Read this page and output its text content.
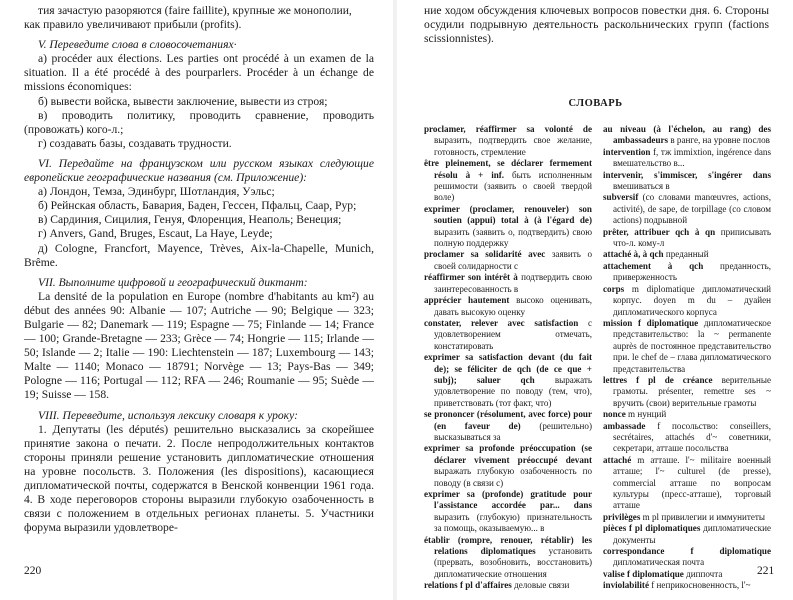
тия зачастую разоряются (faire faillite), крупные же монополии,

как правило увеличивают прибыли (profits).

V. Переведите слова в словосочетаниях·

а) procéder aux élections. Les parties ont procédé à un examen de la situation. Il a été procédé à des pourparlers. Procéder à un échange de missions économiques:

б) вывести войска, вывести заключение, вывести из строя;

в) проводить политику, проводить сравнение, проводить (провожать) кого-л.;

г) создавать базы, создавать трудности.

VI. Передайте на французском или русском языках следующие европейские географические названия (см. Приложение):

а) Лондон, Темза, Эдинбург, Шотландия, Уэльс;

б) Рейнская область, Бавария, Баден, Гессен, Пфальц, Саар, Рур;

в) Сардиния, Сицилия, Генуя, Флоренция, Неаполь; Венеция;

г) Anvers, Gand, Bruges, Escaut, La Haye, Leyde;

д) Cologne, Francfort, Mayence, Trèves, Aix-la-Chapelle, Munich, Brême.

VII. Выполните цифровой и географический диктант:

La densité de la population en Europe (nombre d'habitants au km²) au début des années 90: Albanie — 107; Autriche — 90; Belgique — 323; Bulgarie — 82; Danemark — 119; Espagne — 75; Finlande — 14; France — 100; Grande-Bretagne — 233; Grèce — 74; Hongrie — 115; Irlande — 50; Islande — 2; Italie — 190: Liechtenstein — 187; Luxembourg — 143; Malte — 1140; Monaco — 18791; Norvège — 13; Pays-Bas — 349; Pologne — 116; Portugal — 112; RFA — 246; Roumanie — 95; Suède — 19; Suisse — 158.

VIII. Переведите, используя лексику словаря к уроку:

1. Депутаты (les députés) решительно высказались за скорейшее принятие закона о печати. 2. После непродолжительных контактов стороны приняли решение установить дипломатические отношения на уровне посольств. 3. Положения (les dispositions), касающиеся дипломатической почты, содержатся в Венской конвенции 1961 года. 4. В ходе переговоров стороны выразили глубокую озабоченность в связи с положением в отдельных регионах планеты. 5. Участники форума выразили удовлетворе-

220

ние ходом обсуждения ключевых вопросов повестки дня. 6. Стороны осудили подрывную деятельность раскольнических групп (factions scissionnistes).

СЛОВАРЬ

proclamer, réaffirmer sa volonté de выразить, подтвердить свое желание, готовность, стремление

être pleinement, se déclarer fermement résolu à + inf. быть исполненным решимости (заявить о своей твердой воле)

exprimer (proclamer, renouveler) son soutien (appui) total à (à l'égard de) выразить (заявить о, подтвердить) свою полную поддержку

proclamer sa solidarité avec заявить о своей солидарности с

réaffirmer son intérêt à подтвердить свою заинтересованность в

apprécier hautement высоко оценивать, давать высокую оценку

constater, relever avec satisfaction с удовлетворением отмечать, констатировать

exprimer sa satisfaction devant (du fait de); se féliciter de qch (de ce que + subj); saluer qch выражать удовлетворение по поводу (тем, что), приветствовать (тот факт, что)

se prononcer (résolument, avec force) pour (en faveur de) (решительно) высказываться за

exprimer sa profonde préoccupation (se déclarer vivement préoccupé devant выражать глубокую озабоченность по поводу (в связи с)

exprimer sa (profonde) gratitude pour l'assistance accordée par... dans выразить (глубокую) признательность за помощь, оказываемую... в

établir (rompre, renouer, rétablir) les relations diplomatiques установить (прервать, возобновить, восстановить) дипломатические отношения

relations f pl d'affaires деловые связи

au niveau (à l'échelon, au rang) des ambassadeurs в ранге, на уровне послов

intervention f, тж immixtion, ingérence dans вмешательство в...

intervenir, s'immiscer, s'ingérer dans вмешиваться в

subversif (со словами manœuvres, actions, activité), de sape, de torpillage (со словом actions) подрывной

prêter, attribuer qch à qn приписывать что-л. кому-л

attaché à, à qch преданный

attachement à qch преданность, приверженность

corps m diplomatique дипломатический корпус. doyen m du – дуайен дипломатического корпуса

mission f diplomatique дипломатическое представительство: la ~ permanente auprès de постоянное представительство при. le chef de – глава дипломатического представительства

lettres f pl de créance верительные грамоты. présenter, remettre ses ~ вручить (свои) верительные грамоты

nonce m нунций

ambassade f посольство: conseillers, secrétaires, attachés d'~ советники, секретари, атташе посольства

attaché m атташе. l'~ militaire военный атташе; l'~ culturel (de presse), commercial атташе по вопросам культуры (пресс-атташе), торговый атташе

privilèges m pl привилегии и иммунитеты

pièces f pl diplomatiques дипломатические документы

correspondance f diplomatique дипломатическая почта

valise f diplomatique диппочта

inviolabilité f неприкосновенность, l'~

221
